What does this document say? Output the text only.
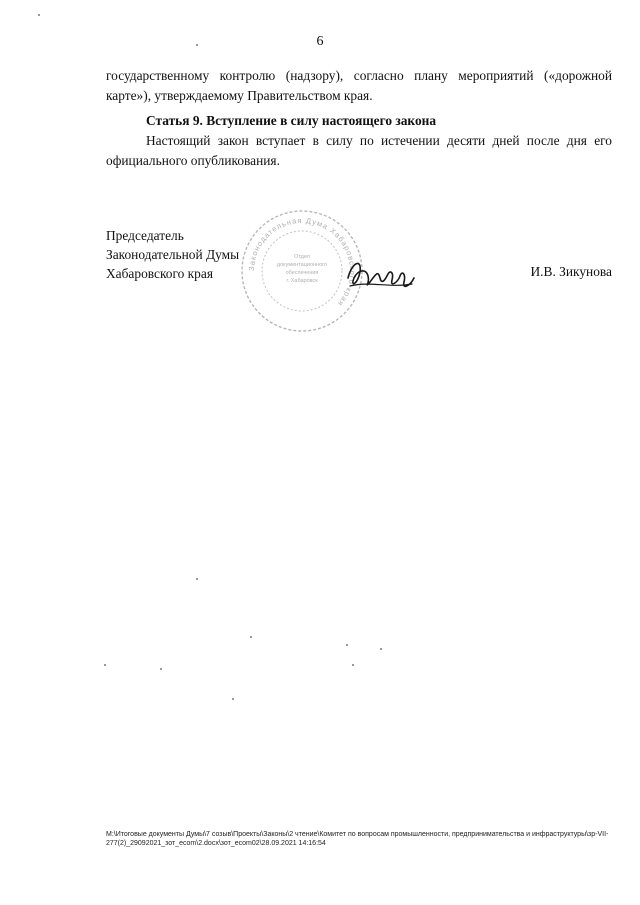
6
государственному контролю (надзору), согласно плану мероприятий («дорожной карте»), утверждаемому Правительством края.
Статья 9. Вступление в силу настоящего закона
Настоящий закон вступает в силу по истечении десяти дней после дня его официального опубликования.
Председатель
Законодательной Думы
Хабаровского края	Законодательная Дума Хабаровского края
Отдел
документационного
обеспечения
г. Хабаровск
И.В. Зикунова
M:\Итоговые документы Думы\7 созыв\Проекты\Законы\2 чтение\Комитет по вопросам промышленности, предпринимательства и инфраструктуры\зр-VII-277(2)_29092021_зот_ecom\2.docx\зот_ecom02\28.09.2021 14:16:54
